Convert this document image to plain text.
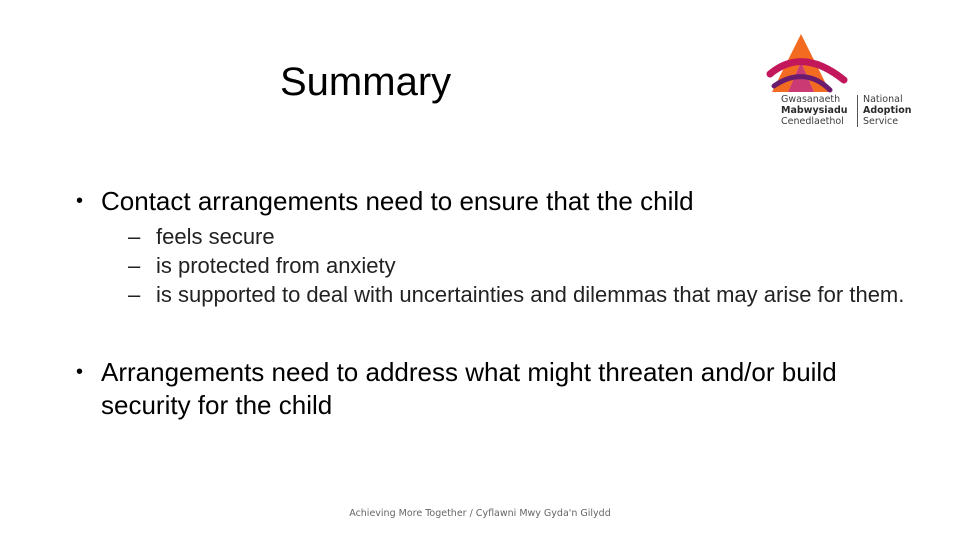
Summary	Gwasanaeth
Mabwysiadu
Cenedlaethol
National
Adoption
Service
• Contact arrangements need to ensure that the child
– feels secure
– is protected from anxiety
– is supported to deal with uncertainties and dilemmas that may arise for them.
• Arrangements need to address what might threaten and/or build security for the child
Achieving More Together / Cyflawni Mwy Gyda'n Gilydd
